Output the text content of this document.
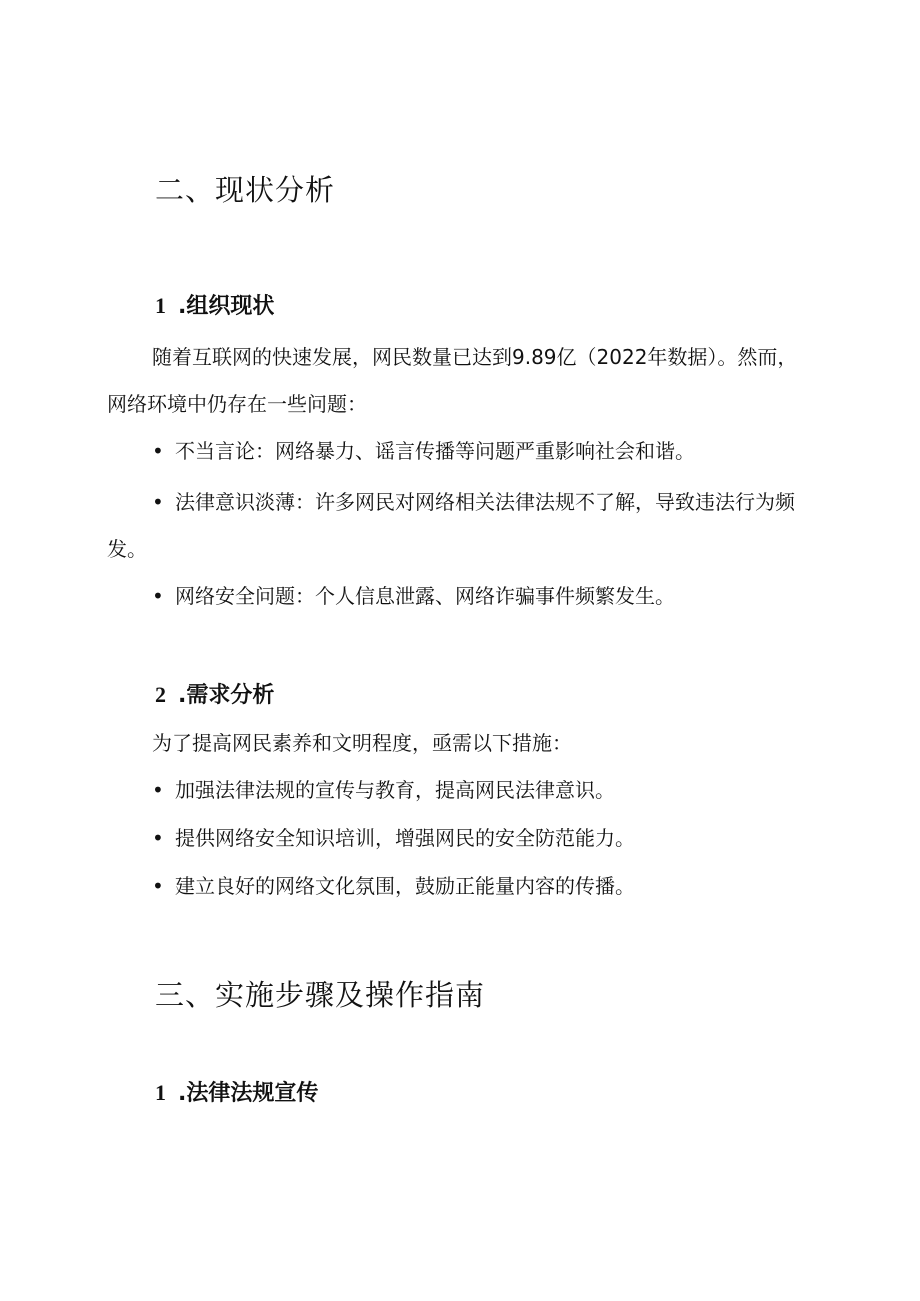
二、现状分析
1 .组织现状

随着互联网的快速发展，网民数量已达到9.89亿（2022年数据）。然而，网络环境中仍存在一些问题：

• 不当言论：网络暴力、谣言传播等问题严重影响社会和谐。

• 法律意识淡薄：许多网民对网络相关法律法规不了解，导致违法行为频发。

• 网络安全问题：个人信息泄露、网络诈骗事件频繁发生。

2 .需求分析

为了提高网民素养和文明程度，亟需以下措施：

• 加强法律法规的宣传与教育，提高网民法律意识。

• 提供网络安全知识培训，增强网民的安全防范能力。

• 建立良好的网络文化氛围，鼓励正能量内容的传播。

三、实施步骤及操作指南
1 .法律法规宣传
